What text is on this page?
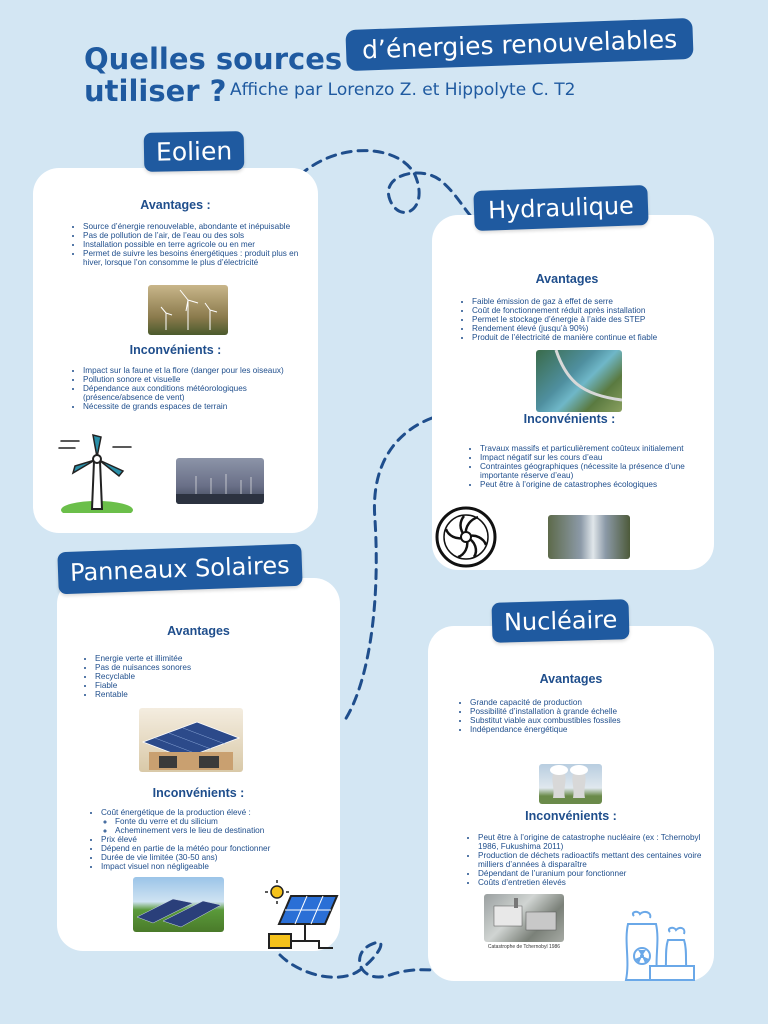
Quelles sources
utiliser ?
d’énergies renouvelables
Affiche par Lorenzo Z. et Hippolyte C. T2
Avantages :
• Source d’énergie renouvelable, abondante et inépuisable
• Pas de pollution de l’air, de l’eau ou des sols
• Installation possible en terre agricole ou en mer
• Permet de suivre les besoins énergétiques : produit plus en hiver, lorsque l’on consomme le plus d’électricité
Inconvénients :
• Impact sur la faune et la flore (danger pour les oiseaux)
• Pollution sonore et visuelle
• Dépendance aux conditions météorologiques (présence/absence de vent)
• Nécessite de grands espaces de terrain
Eolien
Avantages
• Faible émission de gaz à effet de serre
• Coût de fonctionnement réduit après installation
• Permet le stockage d’énergie à l’aide des STEP
• Rendement élevé (jusqu’à 90%)
• Produit de l’électricité de manière continue et fiable
Inconvénients :
• Travaux massifs et particulièrement coûteux initialement
• Impact négatif sur les cours d’eau
• Contraintes géographiques (nécessite la présence d’une importante réserve d’eau)
• Peut être à l’origine de catastrophes écologiques
Hydraulique
Avantages
• Energie verte et illimitée
• Pas de nuisances sonores
• Recyclable
• Fiable
• Rentable
Inconvénients :
• Coût énergétique de la production élevé :
◦ Fonte du verre et du silicium
◦ Acheminement vers le lieu de destination
• Prix élevé
• Dépend en partie de la météo pour fonctionner
• Durée de vie limitée (30-50 ans)
• Impact visuel non négligeable
Panneaux Solaires
Avantages
• Grande capacité de production
• Possibilité d’installation à grande échelle
• Substitut viable aux combustibles fossiles
• Indépendance énergétique
Inconvénients :
• Peut être à l’origine de catastrophe nucléaire (ex : Tchernobyl 1986, Fukushima 2011)
• Production de déchets radioactifs mettant des centaines voire milliers d’années à disparaître
• Dépendant de l’uranium pour fonctionner
• Coûts d’entretien élevés
Catastrophe de Tchernobyl 1986
Nucléaire
